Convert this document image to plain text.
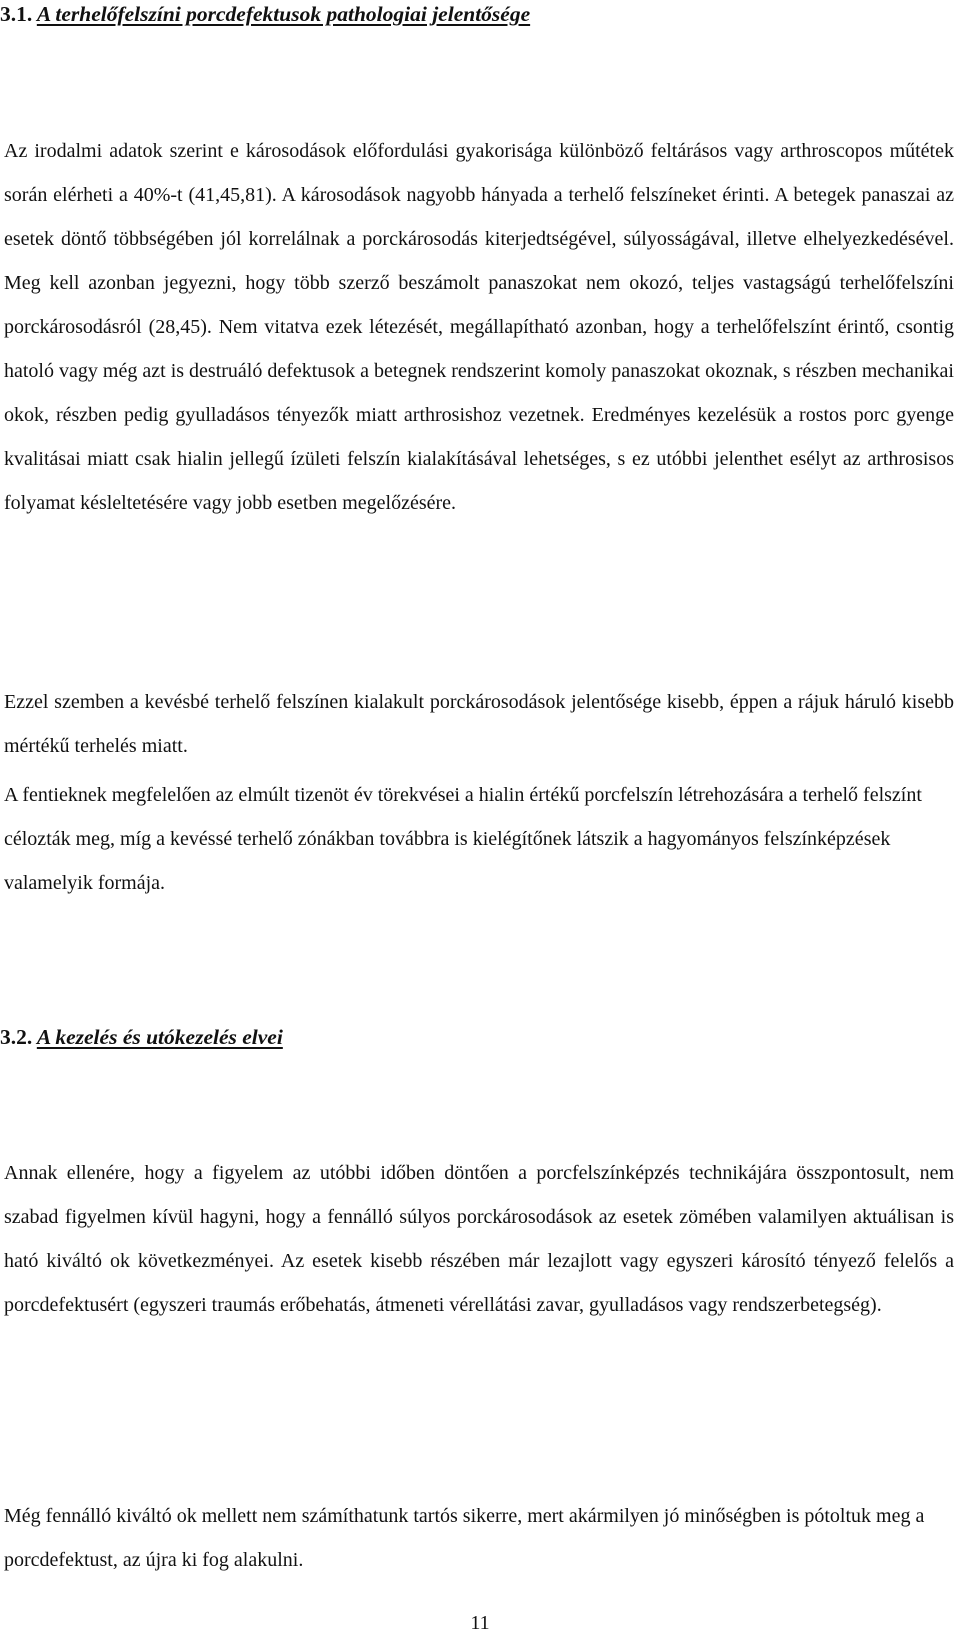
3.1. A terhelőfelszíni porcdefektusok pathologiai jelentősége

Az irodalmi adatok szerint e károsodások előfordulási gyakorisága különböző feltárásos vagy arthroscopos műtétek során elérheti a 40%-t (41,45,81). A károsodások nagyobb hányada a terhelő felszíneket érinti. A betegek panaszai az esetek döntő többségében jól korrelálnak a porckárosodás kiterjedtségével, súlyosságával, illetve elhelyezkedésével. Meg kell azonban jegyezni, hogy több szerző beszámolt panaszokat nem okozó, teljes vastagságú terhelőfelszíni porckárosodásról (28,45). Nem vitatva ezek létezését, megállapítható azonban, hogy a terhelőfelszínt érintő, csontig hatoló vagy még azt is destruáló defektusok a betegnek rendszerint komoly panaszokat okoznak, s részben mechanikai okok, részben pedig gyulladásos tényezők miatt arthrosishoz vezetnek. Eredményes kezelésük a rostos porc gyenge kvalitásai miatt csak hialin jellegű ízületi felszín kialakításával lehetséges, s ez utóbbi jelenthet esélyt az arthrosisos folyamat késleltetésére vagy jobb esetben megelőzésére.

Ezzel szemben a kevésbé terhelő felszínen kialakult porckárosodások jelentősége kisebb, éppen a rájuk háruló kisebb mértékű terhelés miatt.

A fentieknek megfelelően az elmúlt tizenöt év törekvései a hialin értékű porcfelszín létrehozására a terhelő felszínt célozták meg, míg a kevéssé terhelő zónákban továbbra is kielégítőnek látszik a hagyományos felszínképzések valamelyik formája.

3.2. A kezelés és utókezelés elvei

Annak ellenére, hogy a figyelem az utóbbi időben döntően a porcfelszínképzés technikájára összpontosult, nem szabad figyelmen kívül hagyni, hogy a fennálló súlyos porckárosodások az esetek zömében valamilyen aktuálisan is ható kiváltó ok következményei. Az esetek kisebb részében már lezajlott vagy egyszeri károsító tényező felelős a porcdefektusért (egyszeri traumás erőbehatás, átmeneti vérellátási zavar, gyulladásos vagy rendszerbetegség).

Még fennálló kiváltó ok mellett nem számíthatunk tartós sikerre, mert akármilyen jó minőségben is pótoltuk meg a porcdefektust, az újra ki fog alakulni.

11
